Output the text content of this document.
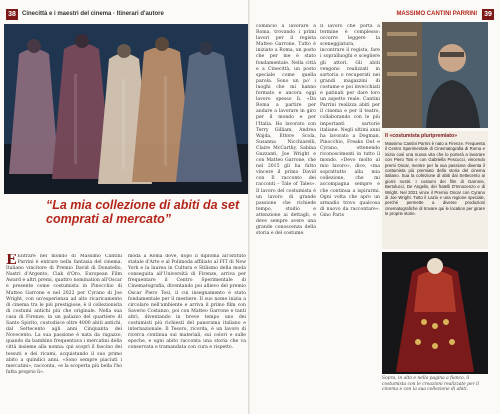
38	Cinecittà e i maestri del cinema · Itinerari d'autore
“La mia collezione di abiti da set comprati al mercato”
E Entrare nel mondo di Massimo Cantini Parrini è entrare nella fantasia del cinema. Italiano vincitore di Premio David di Donatello, Nastri d'Argento, Ciak d'Oro, European Film Award e altri premi, quattro nomination all'Oscar e presente come costumista in Pinocchio di Matteo Garrone e nel 2022 per Cyrano di Joe Wright, con un'esperienza ad alto ricaricamento di cinema tra le più prestigiose, è il collezionista di costumi antichi più che originale. Nella sua casa di Firenze, in un palazzo del quartiere di Santo Spirito, custodisce oltre 4000 abiti antichi, dal Settecento agli anni Cinquanta del Novecento. La sua passione è nata da ragazzo, quando da bambino frequentava i mercatini della città insieme alla nonna: qui scoprì il fascino dei tessuti e dei ricami, acquistando il suo primo abito a quindici anni. «Sono sempre piaciuti i mercatini», racconta, «e la scoperta più bella l'ho fatta proprio lì».
moda a Roma dove, dopo il diploma all'Istituto statale d'Arte e al Polimoda affiliato al FIT di New York e la laurea in Cultura e Stilismo della moda conseguita all'Università di Firenze, arriva per frequentare il Centro Sperimentale di Cinematografia, diventando poi allievo del premio Oscar Piero Tosi, il cui insegnamento è stato fondamentale per il mestiere. Il suo nome inizia a circolare nell'ambiente e arriva il primo film con Saverio Costanzo, poi con Matteo Garrone e tanti altri, diventando in breve tempo uno dei costumisti più richiesti del panorama italiano e internazionale. Il Tesoro, ricorda, è un lavoro di ricerca continua sui materiali, sui colori e sulle epoche, e ogni abito racconta una storia che va conservata e tramandata con cura e rispetto.
MASSIMO CANTINI PARRINI 39
cominciò a lavorare a Roma, trovando i primi lavori per il regista Matteo Garrone. Tutto è iniziato a Roma, un posto che per me è stato fondamentale. Nella città e a Cinecittà, un posto speciale come quella parola. Sono un po' i luoghi che mi hanno formato e ancora oggi lavoro spesso lì. «Da Roma a partire per andare a lavorare in giro per il mondo e per l'Italia. Ho lavorato con Terry Gilliam, Andrea Wajda, Ettore Scola, Susanna Nicchiarelli, Claire McCarthy, Sabina Guzzanti, Joe Wright e con Matteo Garrone, che nel 2015 gli ha fatto vincere il primo David con Il racconto dei racconti – Tale of Tales». Il lavoro del costumista è un lavoro di grande passione che richiede tempo, studio e attenzione ai dettagli, e deve sempre avere una grande conoscenza della storia e del costume.
Il lavoro che porta a termine è complesso: occorre leggere la sceneggiatura, incontrare il regista, fare i sopralluoghi e scegliere gli attori. Gli abiti vengono realizzati in sartoria o recuperati nei grandi magazzini di costume e poi invecchiati e patinati per dare loro un aspetto reale. Cantini Parrini realizza abiti per il cinema e per il teatro, collaborando con le più importanti sartorie italiane. Negli ultimi anni ha lavorato a Dogman, Pinocchio, Freaks Out e Cyrano, ottenendo riconoscimenti in tutto il mondo. «Devo molto al mio lavoro», dice, «ma soprattutto alla mia collezione, che mi accompagna sempre e che continua a ispirarmi. Ogni volta che apro un armadio trovo qualcosa di nuovo da raccontare». Gino Paris
Il «costumista pluripremiato»

Massimo Cantini Parrini è nato a Firenze. Frequenta il Centro Sperimentale di Cinematografia di Roma e inizia così una nuova vita che lo porterà a lavorare con Piero Tosi e con Gabriella Pescucci, vincendo premi Oscar, mentre per la sua passione diventa il costumista più premiato della storia del cinema italiano. Sua la collezione di abiti dal Settecento ai giorni nostri. I costumi dei film di Garrone, Bertolucci, De Angelis, dei fratelli D'Innocenzo e di Wright. Nel 2021 vince il Premio Oscar con Cyrano di Joe Wright. Tutto il Lazio e una regione speciale, perché permette a diverse produzioni cinematografiche di trovare qui le location per girare le proprie storie.

Sopra, in alto e nella pagina a fianco, il costumista con le creazioni realizzate per il cinema e con la sua collezione di abiti.
